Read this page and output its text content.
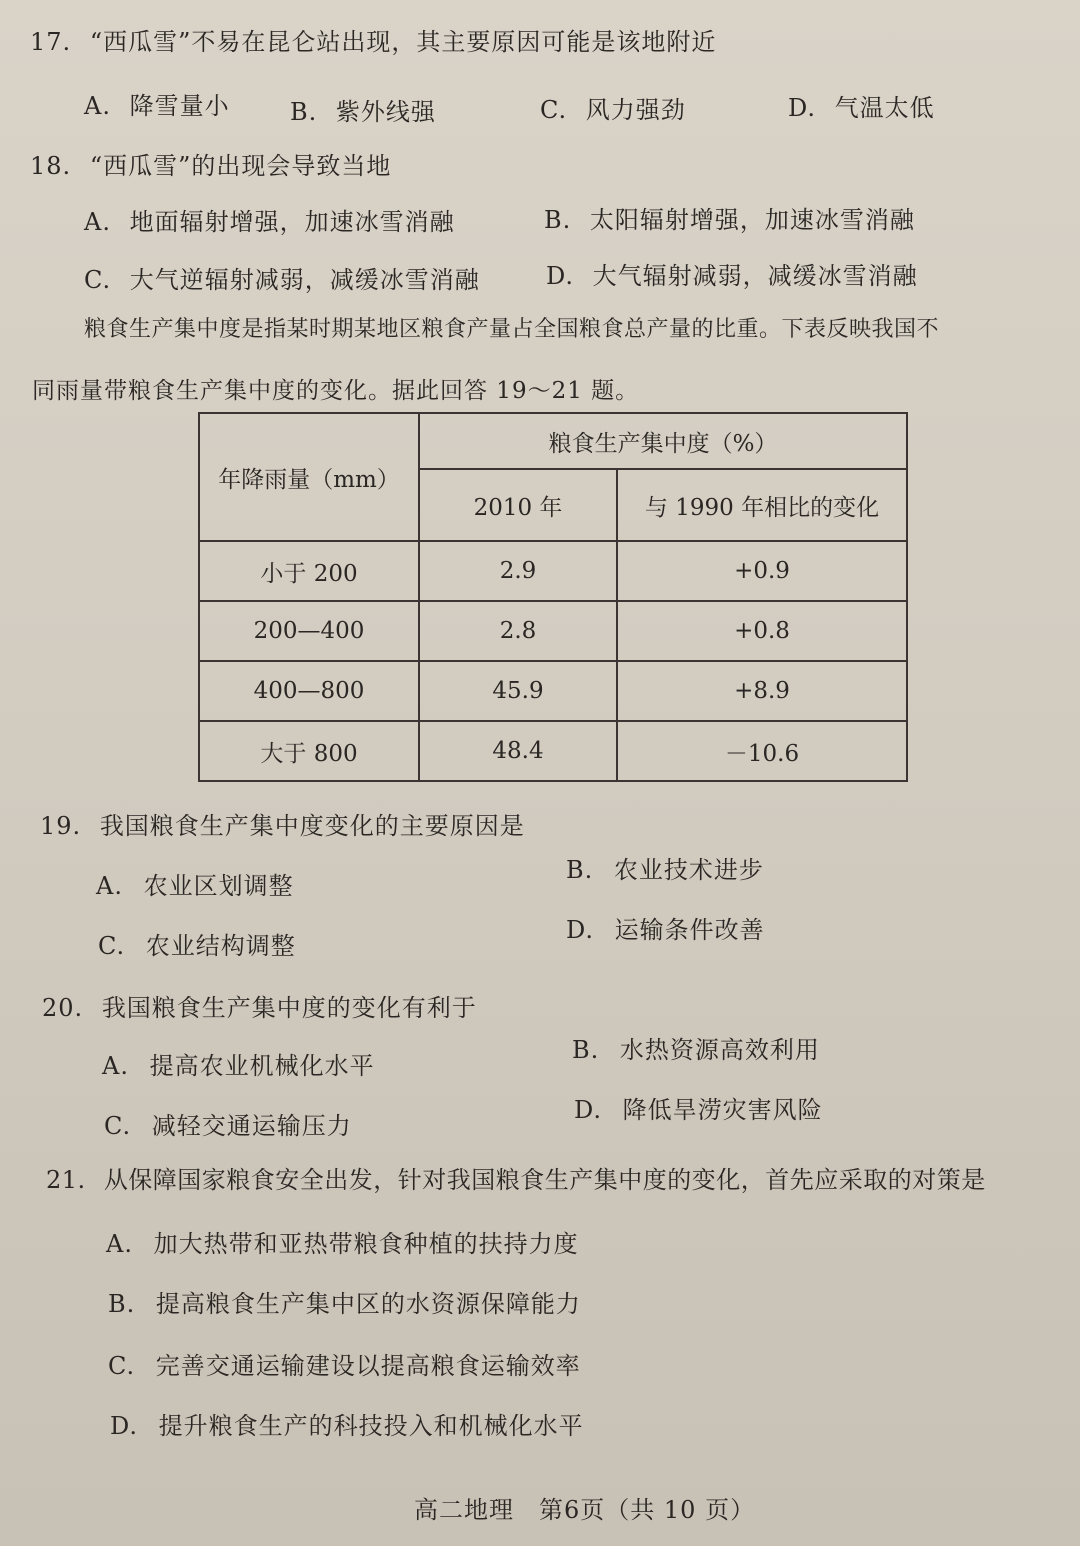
17. “西瓜雪”不易在昆仑站出现，其主要原因可能是该地附近
A. 降雪量小	B. 紫外线强	C. 风力强劲	D. 气温太低
18. “西瓜雪”的出现会导致当地
A. 地面辐射增强，加速冰雪消融	B. 太阳辐射增强，加速冰雪消融
C. 大气逆辐射减弱，减缓冰雪消融	D. 大气辐射减弱，减缓冰雪消融
粮食生产集中度是指某时期某地区粮食产量占全国粮食总产量的比重。下表反映我国不
同雨量带粮食生产集中度的变化。据此回答 19～21 题。
年降雨量（mm）	粮食生产集中度（%）	
	2010 年	与 1990 年相比的变化
小于 200	2.9	+0.9
200—400	2.8	+0.8
400—800	45.9	+8.9
大于 800	48.4	－10.6
19. 我国粮食生产集中度变化的主要原因是
A. 农业区划调整
B. 农业技术进步
C. 农业结构调整
D. 运输条件改善
20. 我国粮食生产集中度的变化有利于
A. 提高农业机械化水平
B. 水热资源高效利用
C. 减轻交通运输压力
D. 降低旱涝灾害风险
21. 从保障国家粮食安全出发，针对我国粮食生产集中度的变化，首先应采取的对策是
A. 加大热带和亚热带粮食种植的扶持力度
B. 提高粮食生产集中区的水资源保障能力
C. 完善交通运输建设以提高粮食运输效率
D. 提升粮食生产的科技投入和机械化水平
高二地理　第6页（共 10 页）
